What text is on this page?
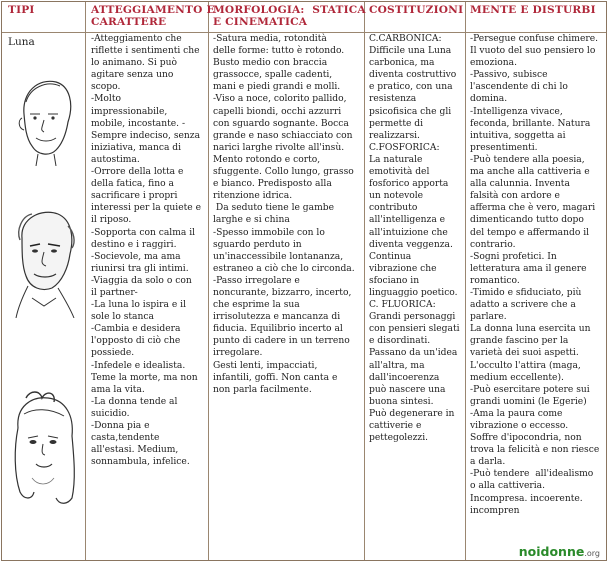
TIPI	ATTEGGIAMENTO E
CARATTERE
MORFOLOGIA:  STATICA
E CINEMATICA
COSTITUZIONI MENTE E DISTURBI
Luna	-Atteggiamento che
riflette i sentimenti che
lo animano. Si può
agitare senza uno
scopo.
-Molto
impressionabile,
mobile, incostante. -
Sempre indeciso, senza
iniziativa, manca di
autostima.
-Orrore della lotta e
della fatica, fino a
sacrificare i propri
interessi per la quiete e
il riposo.
-Sopporta con calma il
destino e i raggiri.
-Socievole, ma ama
riunirsi tra gli intimi.
-Viaggia da solo o con
il partner-
-La luna lo ispira e il
sole lo stanca
-Cambia e desidera
l'opposto di ciò che
possiede.
-Infedele e idealista.
Teme la morte, ma non
ama la vita.
-La donna tende al
suicidio.
-Donna pia e
casta,tendente
all'estasi. Medium,
sonnambula, infelice.
-Satura media, rotondità
delle forme: tutto è rotondo.
Busto medio con braccia
grassocce, spalle cadenti,
mani e piedi grandi e molli.
-Viso a noce, colorito pallido,
capelli biondi, occhi azzurri
con sguardo sognante. Bocca
grande e naso schiacciato con
narici larghe rivolte all'insù.
Mento rotondo e corto,
sfuggente. Collo lungo, grasso
e bianco. Predisposto alla
ritenzione idrica.
Da seduto tiene le gambe
larghe e si china
-Spesso immobile con lo
sguardo perduto in
un'inaccessibile lontananza,
estraneo a ciò che lo circonda.
-Passo irregolare e
noncurante, bizzarro, incerto,
che esprime la sua
irrisolutezza e mancanza di
fiducia. Equilibrio incerto al
punto di cadere in un terreno
irregolare.
Gesti lenti, impacciati,
infantili, goffi. Non canta e
non parla facilmente.
C.CARBONICA:
Difficile una Luna
carbonica, ma
diventa costruttivo
e pratico, con una
resistenza
psicofisica che gli
permette di
realizzarsi.
C.FOSFORICA:
La naturale
emotività del
fosforico apporta
un notevole
contributo
all'intelligenza e
all'intuizione che
diventa veggenza.
Continua
vibrazione che
sfociano in
linguaggio poetico.
C. FLUORICA:
Grandi personaggi
con pensieri slegati
e disordinati.
Passano da un'idea
all'altra, ma
dall'incoerenza
può nascere una
buona sintesi.
Può degenerare in
cattiverie e
pettegolezzi.
-Persegue confuse chimere.
Il vuoto del suo pensiero lo
emoziona.
-Passivo, subisce
l'ascendente di chi lo
domina.
-Intelligenza vivace,
feconda, brillante. Natura
intuitiva, soggetta ai
presentimenti.
-Può tendere alla poesia,
ma anche alla cattiveria e
alla calunnia. Inventa
falsità con ardore e
afferma che è vero, magari
dimenticando tutto dopo
del tempo e affermando il
contrario.
-Sogni profetici. In
letteratura ama il genere
romantico.
-Timido e sfiduciato, più
adatto a scrivere che a
parlare.
La donna luna esercita un
grande fascino per la
varietà dei suoi aspetti.
L'occulto l'attira (maga,
medium eccellente).
-Può esercitare potere sui
grandi uomini (le Egerie)
-Ama la paura come
vibrazione o eccesso.
Soffre d'ipocondria, non
trova la felicità e non riesce
a darla.
-Può tendere  all'idealismo
o alla cattiveria.
Incompresa. incoerente.
incompren
noidonne.org
